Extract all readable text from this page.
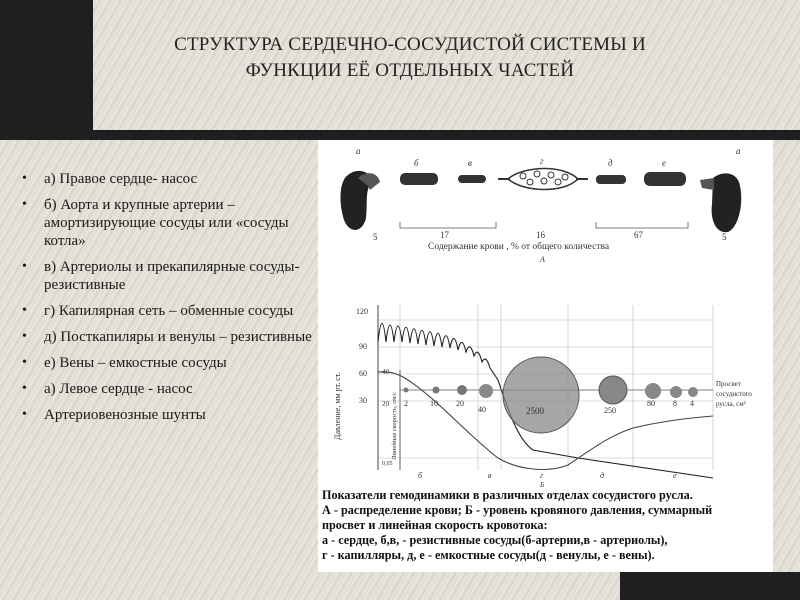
СТРУКТУРА СЕРДЕЧНО-СОСУДИСТОЙ СИСТЕМЫ И
ФУНКЦИИ ЕЁ ОТДЕЛЬНЫХ ЧАСТЕЙ
• а) Правое сердце- насос
• б) Аорта и крупные артерии – амортизирующие сосуды или «сосуды котла»
• в) Артериолы и прекапилярные сосуды-резистивные
• г) Капилярная сеть – обменные сосуды
• д) Посткапиляры и венулы – резистивные
• е) Вены – емкостные сосуды
• а) Левое сердце - насос
• Артериовенозные шунты
а
б	в	г	д	е
а
5	17	16	67	5
Содержание крови , % от общего количества
А
Давление, мм рт. ст.	Линейная скорость, см/с
120
90
60
30
40
20
0,05
2	10 20
40	2500	250
80 8 4
Просвет
сосудистого
русла, см²
б	в	г	д	е
Б
Показатели гемодинамики в различных отделах сосудистого русла.
А - распределение крови; Б - уровень кровяного давления, суммарный
просвет и линейная скорость кровотока:
а - сердце, б,в, - резистивные сосуды(б-артерии,в - артериолы),
г - капилляры, д, е - емкостные сосуды(д - венулы, е - вены).
